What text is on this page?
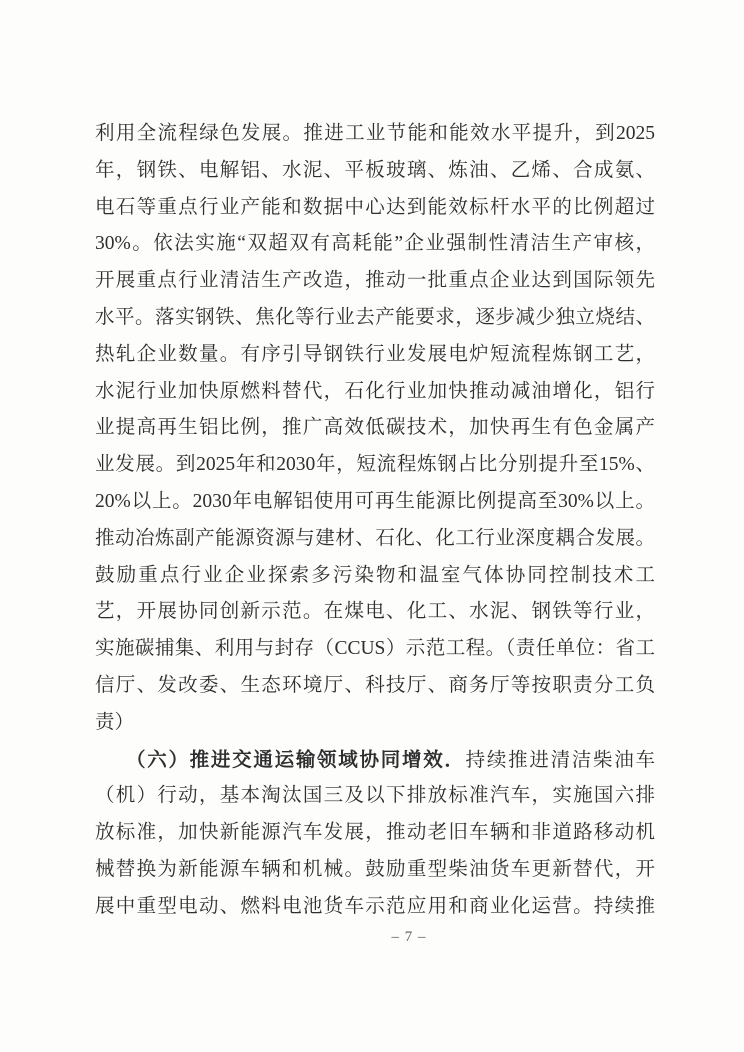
利用全流程绿色发展。推进工业节能和能效水平提升，到2025
年，钢铁、电解铝、水泥、平板玻璃、炼油、乙烯、合成氨、
电石等重点行业产能和数据中心达到能效标杆水平的比例超过
30%。依法实施“双超双有高耗能”企业强制性清洁生产审核，
开展重点行业清洁生产改造，推动一批重点企业达到国际领先
水平。落实钢铁、焦化等行业去产能要求，逐步减少独立烧结、
热轧企业数量。有序引导钢铁行业发展电炉短流程炼钢工艺，
水泥行业加快原燃料替代，石化行业加快推动减油增化，铝行
业提高再生铝比例，推广高效低碳技术，加快再生有色金属产
业发展。到2025年和2030年，短流程炼钢占比分别提升至15%、
20%以上。2030年电解铝使用可再生能源比例提高至30%以上。
推动冶炼副产能源资源与建材、石化、化工行业深度耦合发展。
鼓励重点行业企业探索多污染物和温室气体协同控制技术工
艺，开展协同创新示范。在煤电、化工、水泥、钢铁等行业，
实施碳捕集、利用与封存（CCUS）示范工程。（责任单位：省工
信厅、发改委、生态环境厅、科技厅、商务厅等按职责分工负
责）
（六）推进交通运输领域协同增效．持续推进清洁柴油车
（机）行动，基本淘汰国三及以下排放标准汽车，实施国六排
放标准，加快新能源汽车发展，推动老旧车辆和非道路移动机
械替换为新能源车辆和机械。鼓励重型柴油货车更新替代，开
展中重型电动、燃料电池货车示范应用和商业化运营。持续推
– 7 –
